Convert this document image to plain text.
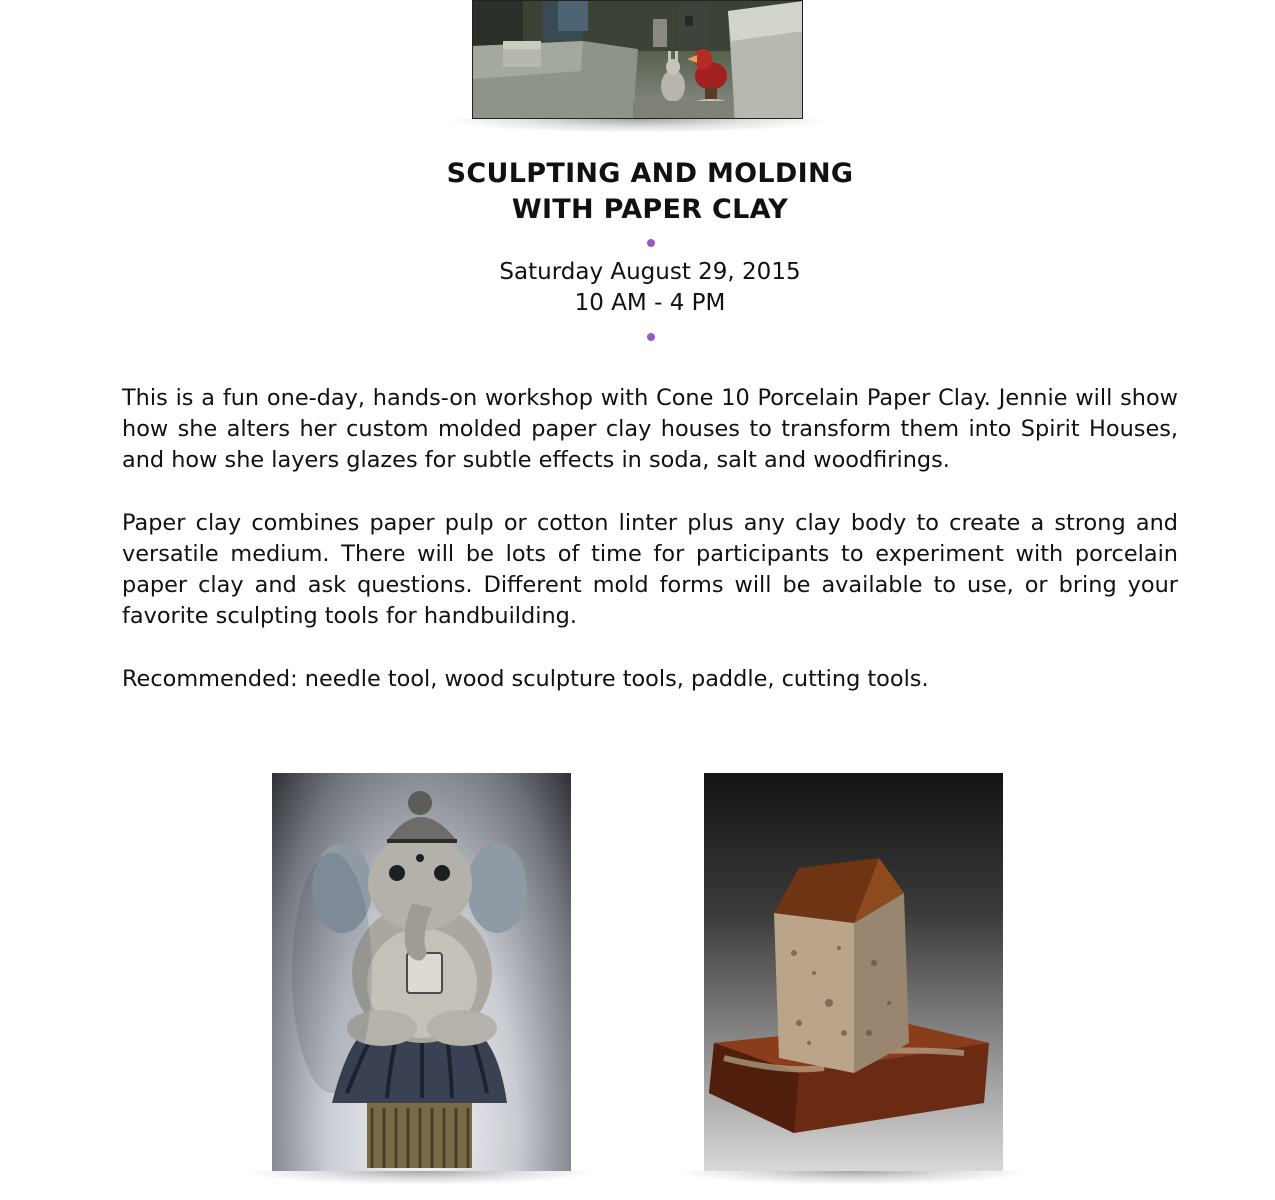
SCULPTING AND MOLDING
WITH PAPER CLAY
Saturday August 29, 2015
10 AM - 4 PM

This is a fun one-day, hands-on workshop with Cone 10 Porcelain Paper Clay. Jennie will show how she alters her custom molded paper clay houses to transform them into Spirit Houses, and how she layers glazes for subtle effects in soda, salt and woodfirings.

Paper clay combines paper pulp or cotton linter plus any clay body to create a strong and versatile medium. There will be lots of time for participants to experiment with porcelain paper clay and ask questions. Different mold forms will be available to use, or bring your favorite sculpting tools for handbuilding.

Recommended: needle tool, wood sculpture tools, paddle, cutting tools.
